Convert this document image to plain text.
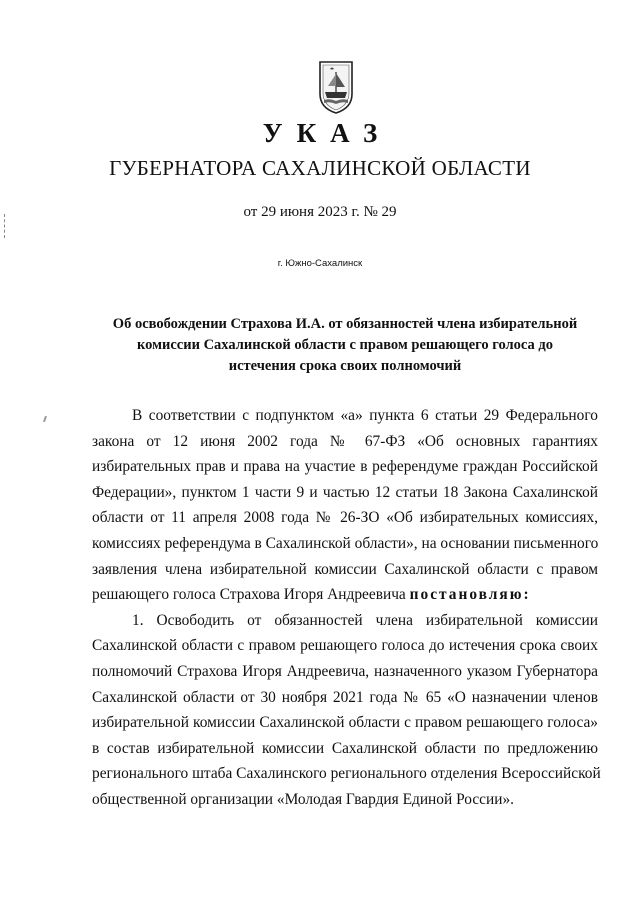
УКАЗ
ГУБЕРНАТОРА САХАЛИНСКОЙ ОБЛАСТИ
от 29 июня 2023 г. № 29
г. Южно-Сахалинск
Об освобождении Страхова И.А. от обязанностей члена избирательной
комиссии Сахалинской области с правом решающего голоса до
истечения срока своих полномочий

В соответствии с подпунктом «а» пункта 6 статьи 29 Федерального
закона от 12 июня 2002 года № 67-ФЗ «Об основных гарантиях
избирательных прав и права на участие в референдуме граждан Российской
Федерации», пунктом 1 части 9 и частью 12 статьи 18 Закона Сахалинской
области от 11 апреля 2008 года № 26-ЗО «Об избирательных комиссиях,
комиссиях референдума в Сахалинской области», на основании письменного
заявления члена избирательной комиссии Сахалинской области с правом
решающего голоса Страхова Игоря Андреевича постановляю:

1. Освободить от обязанностей члена избирательной комиссии
Сахалинской области с правом решающего голоса до истечения срока своих
полномочий Страхова Игоря Андреевича, назначенного указом Губернатора
Сахалинской области от 30 ноября 2021 года № 65 «О назначении членов
избирательной комиссии Сахалинской области с правом решающего голоса»
в состав избирательной комиссии Сахалинской области по предложению
регионального штаба Сахалинского регионального отделения Всероссийской
общественной организации «Молодая Гвардия Единой России».
